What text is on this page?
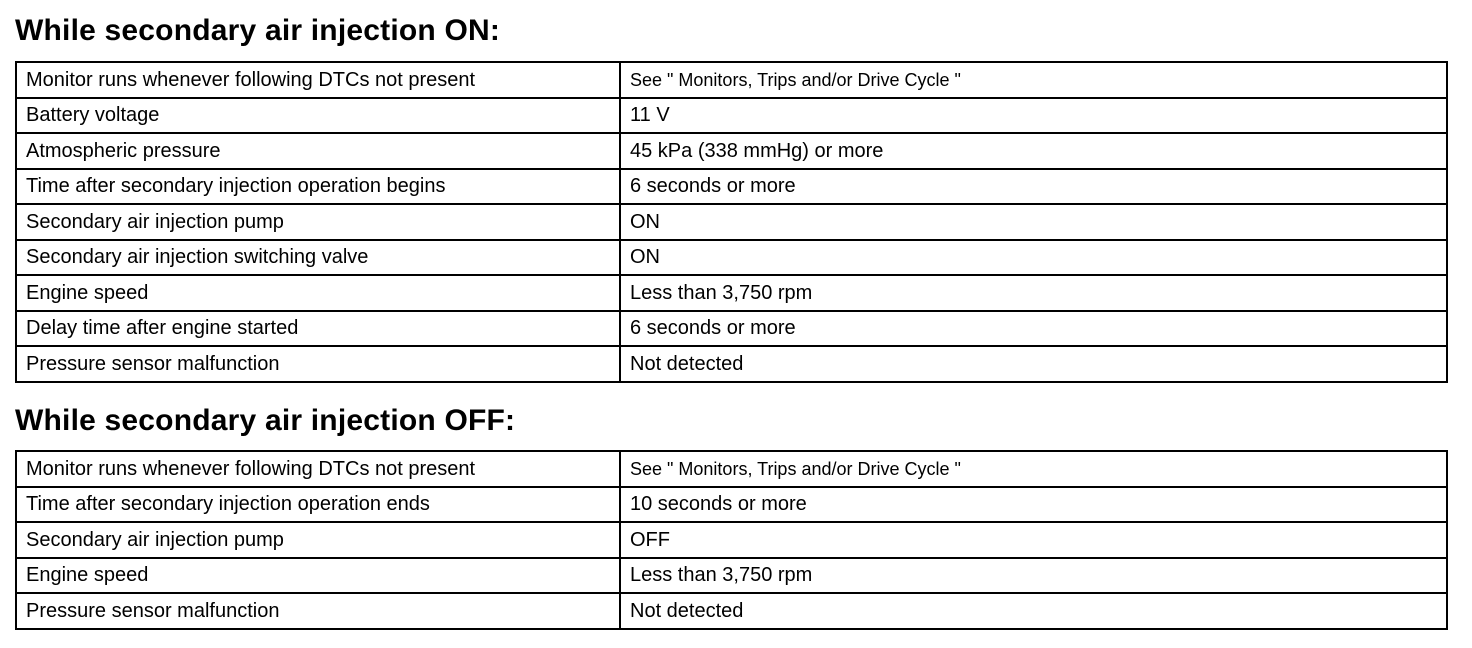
While secondary air injection ON:
Monitor runs whenever following DTCs not present	See " Monitors, Trips and/or Drive Cycle "
Battery voltage	11 V
Atmospheric pressure	45 kPa (338 mmHg) or more
Time after secondary injection operation begins	6 seconds or more
Secondary air injection pump	ON
Secondary air injection switching valve	ON
Engine speed	Less than 3,750 rpm
Delay time after engine started	6 seconds or more
Pressure sensor malfunction	Not detected
While secondary air injection OFF:
Monitor runs whenever following DTCs not present	See " Monitors, Trips and/or Drive Cycle "
Time after secondary injection operation ends	10 seconds or more
Secondary air injection pump	OFF
Engine speed	Less than 3,750 rpm
Pressure sensor malfunction	Not detected
